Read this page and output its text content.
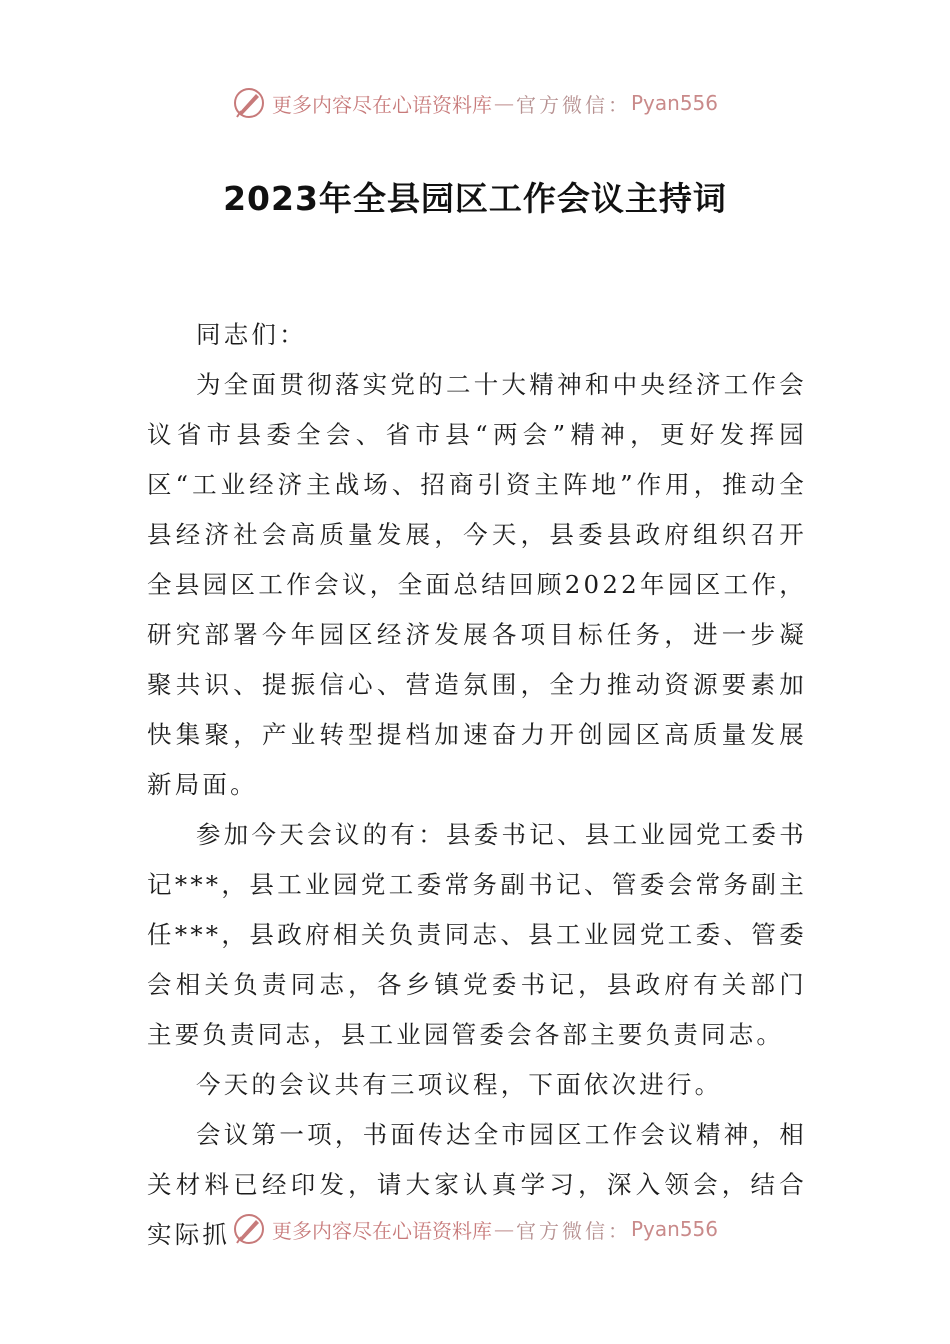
更多内容尽在心语资料库 — 官方微信： Pyan556
2023年全县园区工作会议主持词

同志们：

为全面贯彻落实党的二十大精神和中央经济工作会议省市县委全会、省市县“两会”精神，更好发挥园区“工业经济主战场、招商引资主阵地”作用，推动全县经济社会高质量发展，今天，县委县政府组织召开全县园区工作会议，全面总结回顾2022年园区工作，研究部署今年园区经济发展各项目标任务，进一步凝聚共识、提振信心、营造氛围，全力推动资源要素加快集聚，产业转型提档加速奋力开创园区高质量发展新局面。

参加今天会议的有：县委书记、县工业园党工委书记***，县工业园党工委常务副书记、管委会常务副主任***，县政府相关负责同志、县工业园党工委、管委会相关负责同志，各乡镇党委书记，县政府有关部门主要负责同志，县工业园管委会各部主要负责同志。

今天的会议共有三项议程，下面依次进行。

会议第一项，书面传达全市园区工作会议精神，相关材料已经印发，请大家认真学习，深入领会，结合实际抓	更多内容尽在心语资料库 — 官方微信： Pyan556
